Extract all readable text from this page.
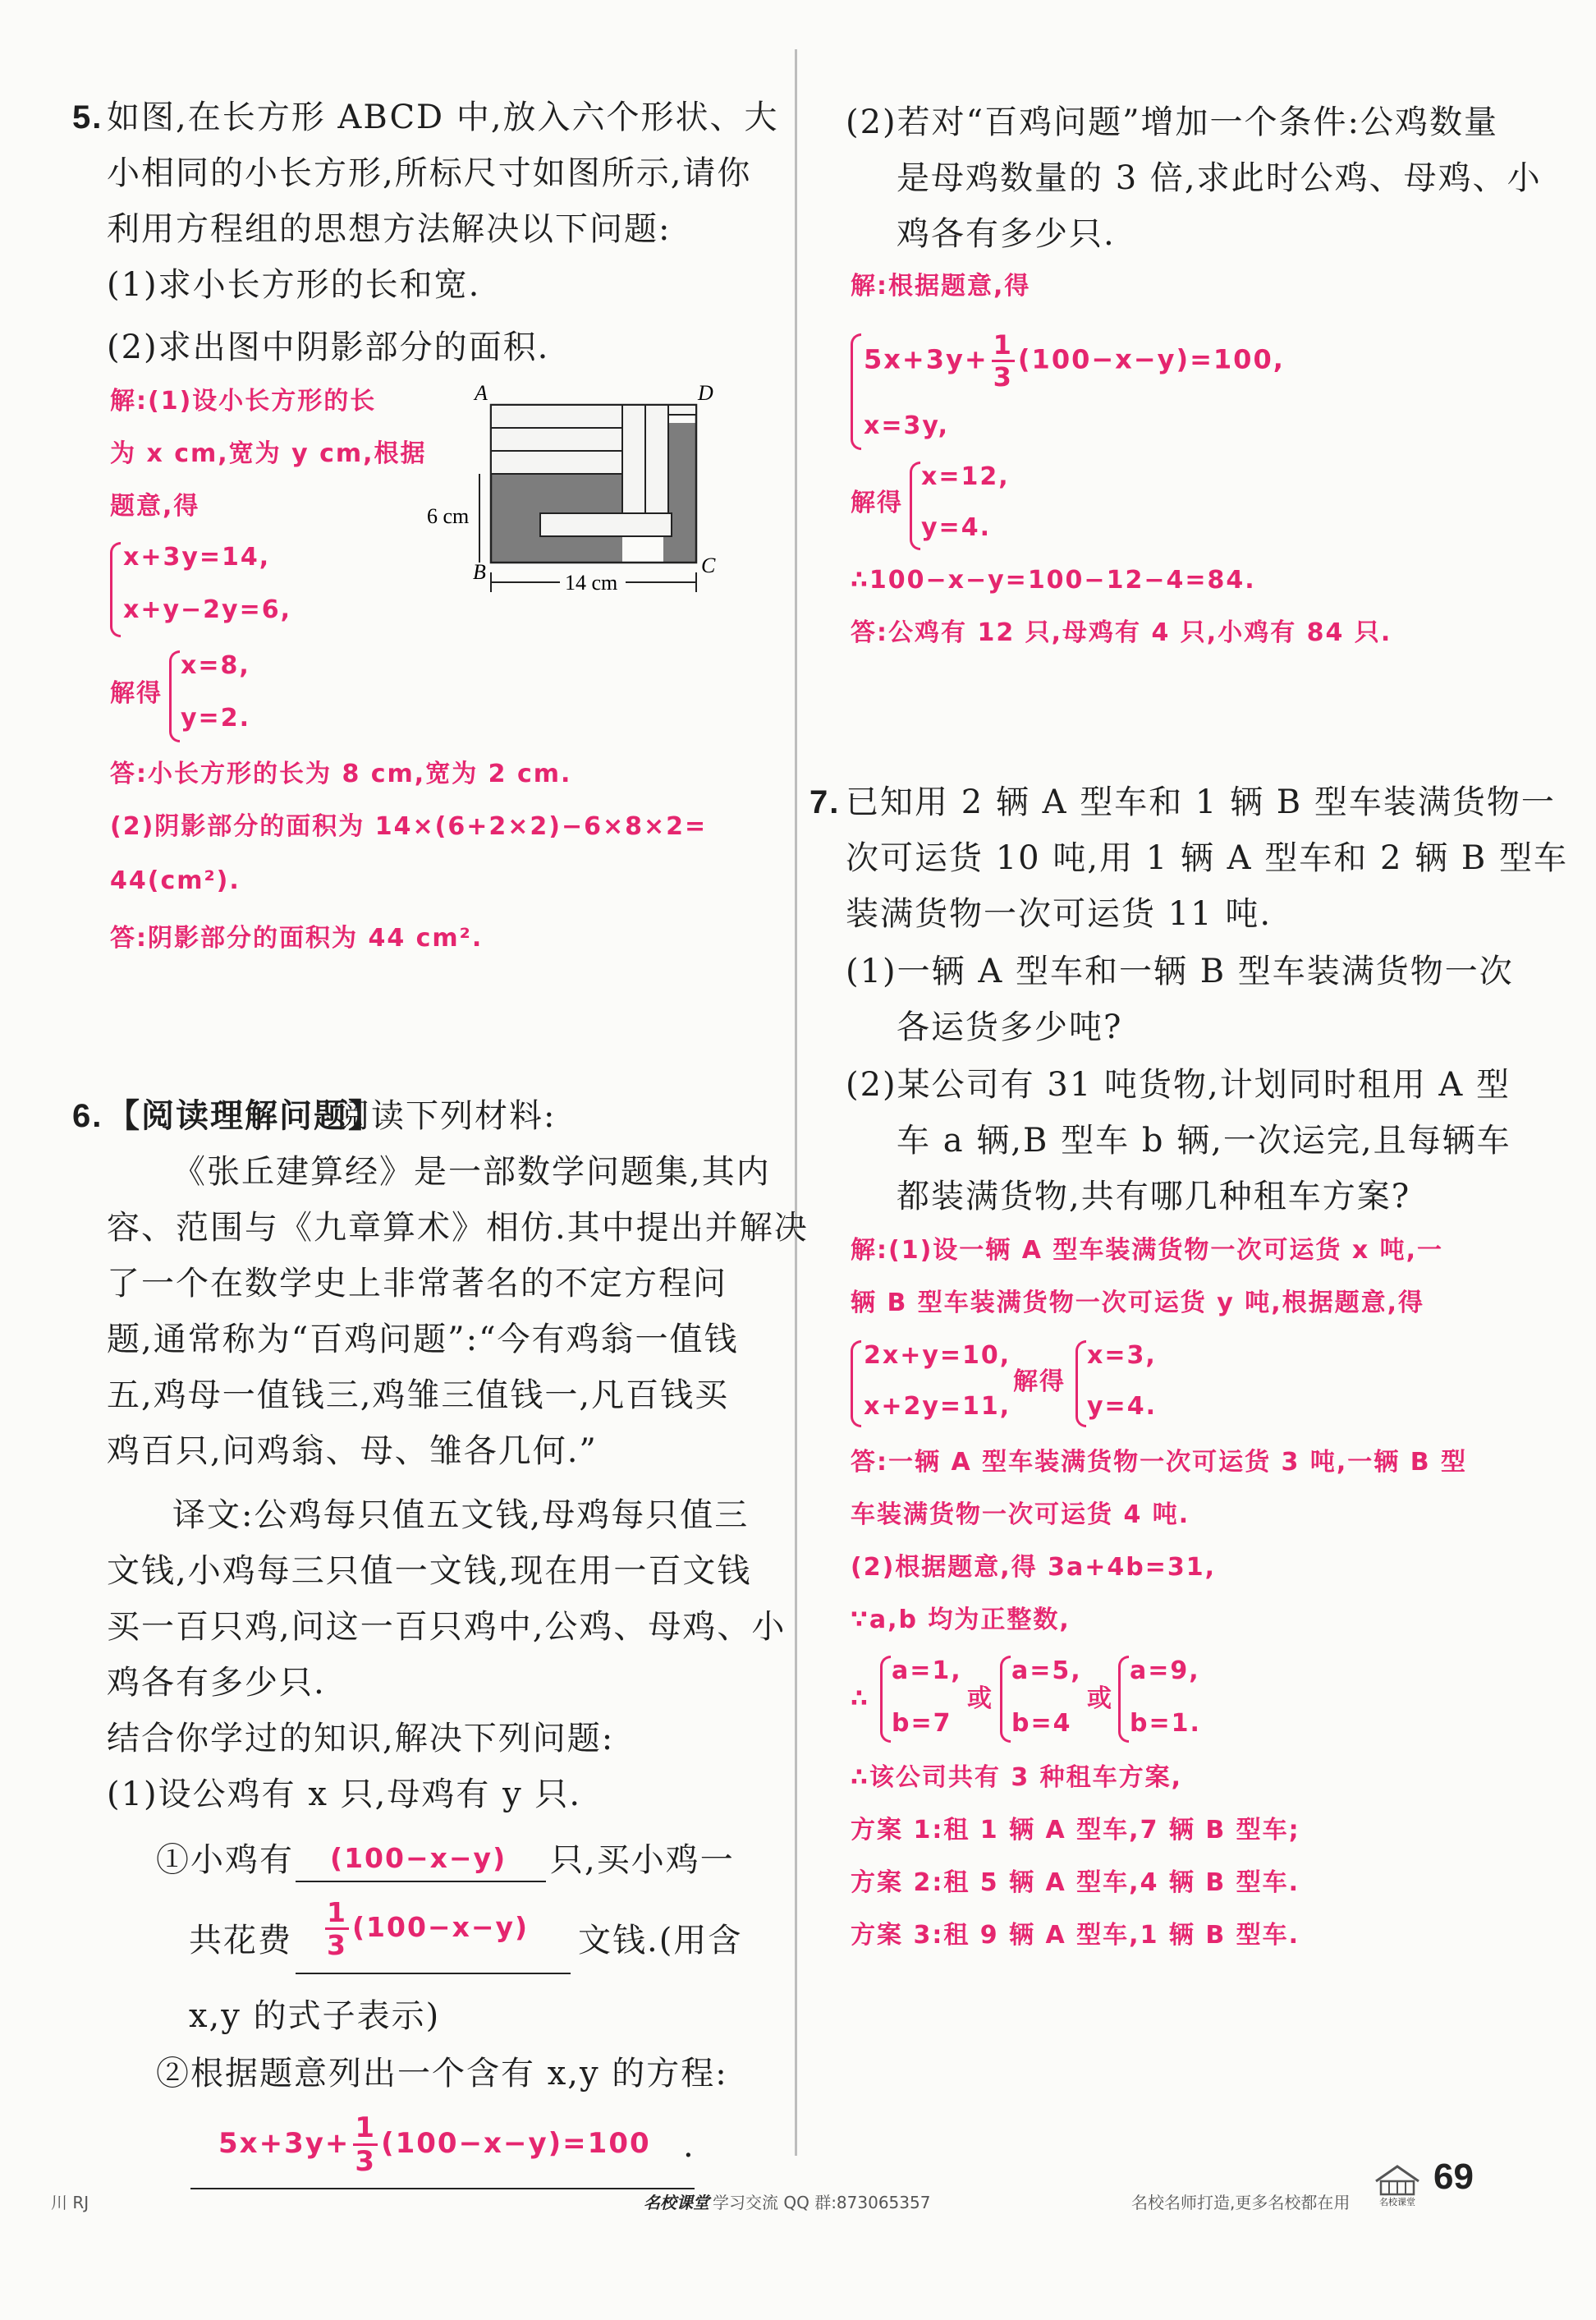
5. 如图,在长方形 ABCD 中,放入六个形状、大
小相同的小长方形,所标尺寸如图所示,请你
利用方程组的思想方法解决以下问题:
(1)求小长方形的长和宽.
(2)求出图中阴影部分的面积.
解:(1)设小长方形的长
为 x cm,宽为 y cm,根据
题意,得
x+3y=14,
x+y−2y=6,
解得
x=8,
y=2.
答:小长方形的长为 8 cm,宽为 2 cm.
(2)阴影部分的面积为 14×(6+2×2)−6×8×2=
44(cm²).
答:阴影部分的面积为 44 cm².
A	D
B	C
6 cm
14 cm
6. 【阅读理解问题】
阅读下列材料:
《张丘建算经》是一部数学问题集,其内
容、范围与《九章算术》相仿.其中提出并解决
了一个在数学史上非常著名的不定方程问
题,通常称为“百鸡问题”:“今有鸡翁一值钱
五,鸡母一值钱三,鸡雏三值钱一,凡百钱买
鸡百只,问鸡翁、母、雏各几何.”
译文:公鸡每只值五文钱,母鸡每只值三
文钱,小鸡每三只值一文钱,现在用一百文钱
买一百只鸡,问这一百只鸡中,公鸡、母鸡、小
鸡各有多少只.
结合你学过的知识,解决下列问题:
(1)设公鸡有 x 只,母鸡有 y 只.
①小鸡有 (100−x−y) 只,买小鸡一
共花费 $\frac{1}{3} (100-x-y)$ 文钱.(用含
x,y 的式子表示)
②根据题意列出一个含有 x,y 的方程:
$5x+3y+ \frac{1}{3} (100-x-y)=100$ .
(2)若对“百鸡问题”增加一个条件:公鸡数量
是母鸡数量的 3 倍,求此时公鸡、母鸡、小
鸡各有多少只.
解:根据题意,得
$5x+3y+ \frac{1}{3} (100-x-y)=100$,
x=3y,
解得
x=12,
y=4.
∴100−x−y=100−12−4=84.
答:公鸡有 12 只,母鸡有 4 只,小鸡有 84 只.
7. 已知用 2 辆 A 型车和 1 辆 B 型车装满货物一
次可运货 10 吨,用 1 辆 A 型车和 2 辆 B 型车
装满货物一次可运货 11 吨.
(1)一辆 A 型车和一辆 B 型车装满货物一次
各运货多少吨?
(2)某公司有 31 吨货物,计划同时租用 A 型
车 a 辆,B 型车 b 辆,一次运完,且每辆车
都装满货物,共有哪几种租车方案?
解:(1)设一辆 A 型车装满货物一次可运货 x 吨,一
辆 B 型车装满货物一次可运货 y 吨,根据题意,得
2x+y=10,
x+2y=11,
解得
x=3,
y=4.
答:一辆 A 型车装满货物一次可运货 3 吨,一辆 B 型
车装满货物一次可运货 4 吨.
(2)根据题意,得 3a+4b=31,
∵a,b 均为正整数,
∴
a=1,
b=7
或
a=5,
b=4
或
a=9,
b=1.
∴该公司共有 3 种租车方案,
方案 1:租 1 辆 A 型车,7 辆 B 型车;
方案 2:租 5 辆 A 型车,4 辆 B 型车.
方案 3:租 9 辆 A 型车,1 辆 B 型车.
川 RJ	名校课堂 学习交流 QQ 群:873065357	名校名师打造,更多名校都在用	名校课堂
69
